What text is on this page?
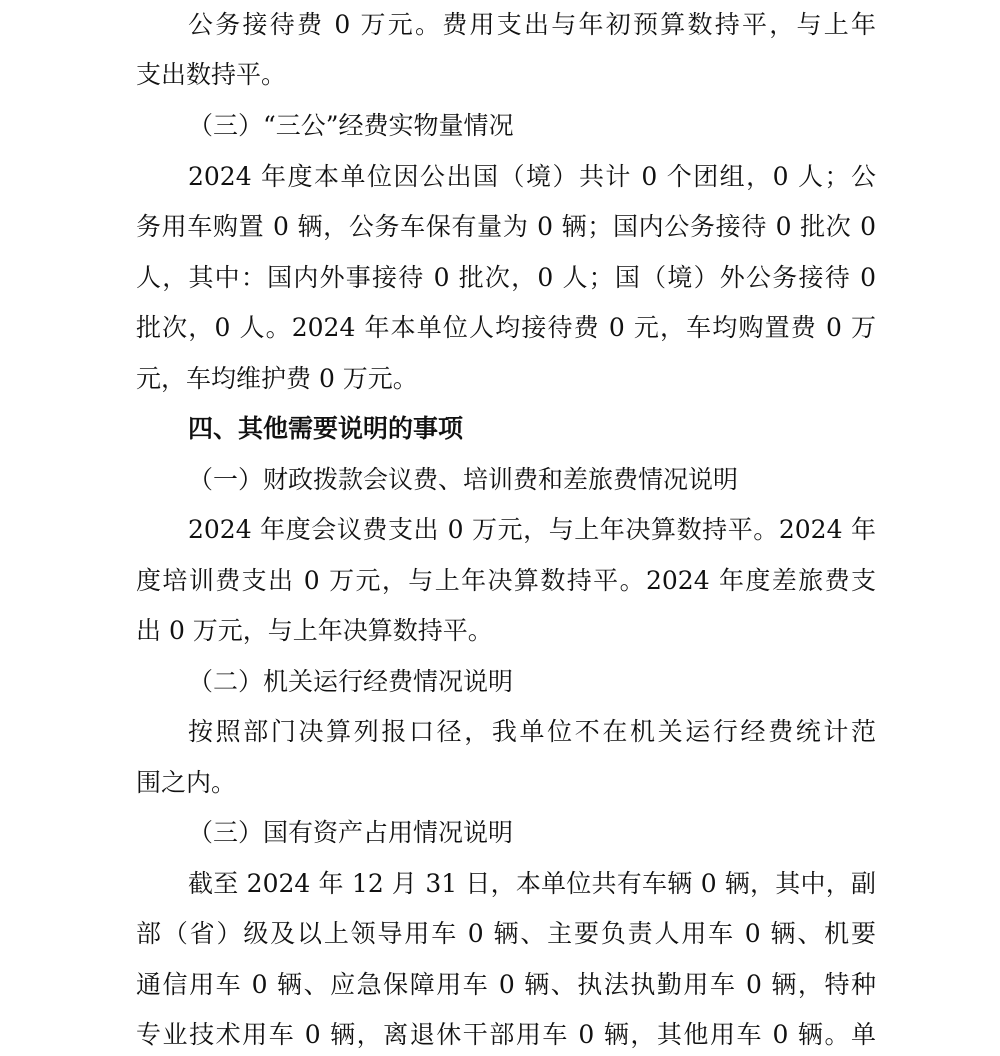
公务接待费 0 万元。费用支出与年初预算数持平，与上年
支出数持平。
（三）“三公”经费实物量情况
2024 年度本单位因公出国（境）共计 0 个团组，0 人；公
务用车购置 0 辆，公务车保有量为 0 辆；国内公务接待 0 批次 0
人，其中：国内外事接待 0 批次，0 人；国（境）外公务接待 0
批次，0 人。2024 年本单位人均接待费 0 元，车均购置费 0 万
元，车均维护费 0 万元。
四、其他需要说明的事项
（一）财政拨款会议费、培训费和差旅费情况说明
2024 年度会议费支出 0 万元，与上年决算数持平。2024 年
度培训费支出 0 万元，与上年决算数持平。2024 年度差旅费支
出 0 万元，与上年决算数持平。
（二）机关运行经费情况说明
按照部门决算列报口径，我单位不在机关运行经费统计范
围之内。
（三）国有资产占用情况说明
截至 2024 年 12 月 31 日，本单位共有车辆 0 辆，其中，副
部（省）级及以上领导用车 0 辆、主要负责人用车 0 辆、机要
通信用车 0 辆、应急保障用车 0 辆、执法执勤用车 0 辆，特种
专业技术用车 0 辆，离退休干部用车 0 辆，其他用车 0 辆。单
